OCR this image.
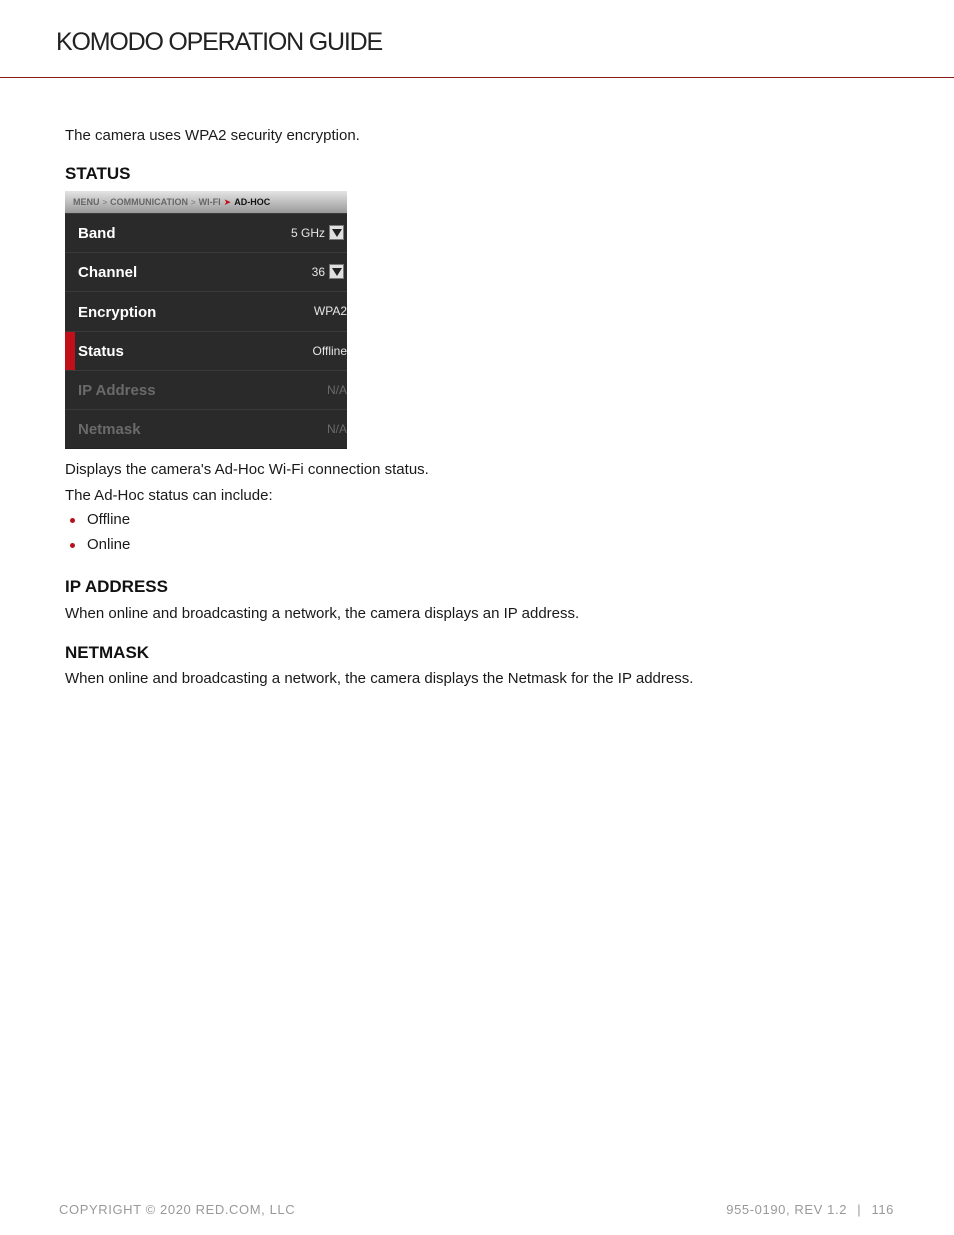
KOMODO OPERATION GUIDE
The camera uses WPA2 security encryption.
STATUS
MENU > COMMUNICATION > WI-FI ➤ AD-HOC
Band	5 GHz
Channel	36
Encryption	WPA2
Status	Offline
IP Address	N/A
Netmask	N/A
Displays the camera's Ad-Hoc Wi-Fi connection status.
The Ad-Hoc status can include:
Offline
Online
IP ADDRESS
When online and broadcasting a network, the camera displays an IP address.
NETMASK
When online and broadcasting a network, the camera displays the Netmask for the IP address.
COPYRIGHT © 2020 RED.COM, LLC	955-0190, REV 1.2 | 116
